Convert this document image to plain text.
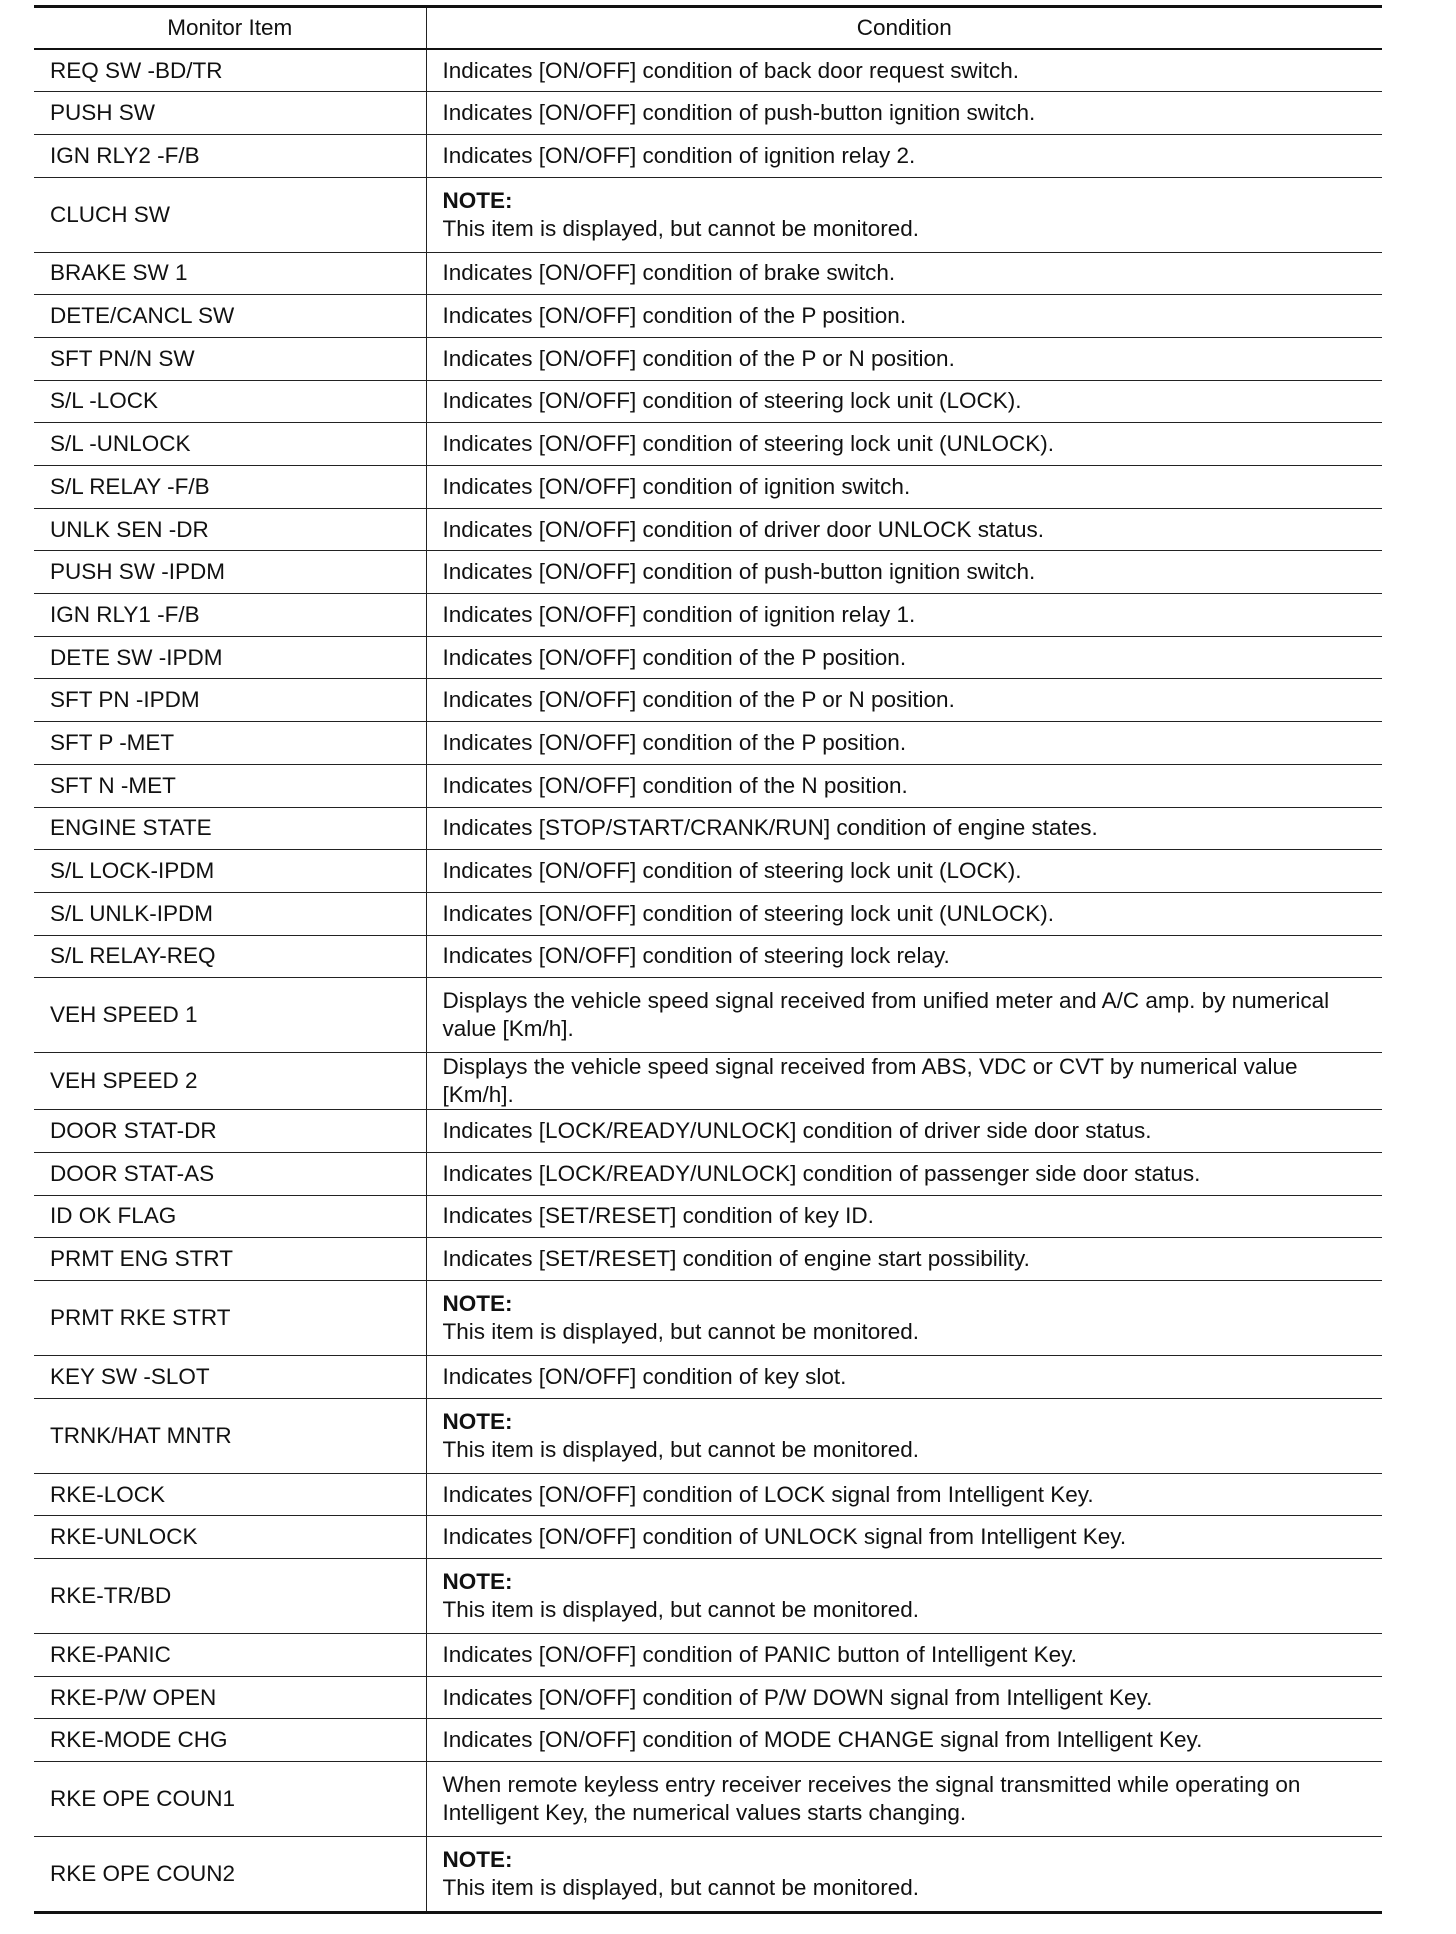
Monitor Item	Condition
REQ SW -BD/TR	Indicates [ON/OFF] condition of back door request switch.
PUSH SW	Indicates [ON/OFF] condition of push-button ignition switch.
IGN RLY2 -F/B	Indicates [ON/OFF] condition of ignition relay 2.
CLUCH SW	NOTE:
This item is displayed, but cannot be monitored.

BRAKE SW 1	Indicates [ON/OFF] condition of brake switch.
DETE/CANCL SW	Indicates [ON/OFF] condition of the P position.
SFT PN/N SW	Indicates [ON/OFF] condition of the P or N position.
S/L -LOCK	Indicates [ON/OFF] condition of steering lock unit (LOCK).
S/L -UNLOCK	Indicates [ON/OFF] condition of steering lock unit (UNLOCK).
S/L RELAY -F/B	Indicates [ON/OFF] condition of ignition switch.
UNLK SEN -DR	Indicates [ON/OFF] condition of driver door UNLOCK status.
PUSH SW -IPDM	Indicates [ON/OFF] condition of push-button ignition switch.
IGN RLY1 -F/B	Indicates [ON/OFF] condition of ignition relay 1.
DETE SW -IPDM	Indicates [ON/OFF] condition of the P position.
SFT PN -IPDM	Indicates [ON/OFF] condition of the P or N position.
SFT P -MET	Indicates [ON/OFF] condition of the P position.
SFT N -MET	Indicates [ON/OFF] condition of the N position.
ENGINE STATE	Indicates [STOP/START/CRANK/RUN] condition of engine states.
S/L LOCK-IPDM	Indicates [ON/OFF] condition of steering lock unit (LOCK).
S/L UNLK-IPDM	Indicates [ON/OFF] condition of steering lock unit (UNLOCK).
S/L RELAY-REQ	Indicates [ON/OFF] condition of steering lock relay.
VEH SPEED 1	Displays the vehicle speed signal received from unified meter and A/C amp. by numerical value [Km/h].
VEH SPEED 2	Displays the vehicle speed signal received from ABS, VDC or CVT by numerical value [Km/h].
DOOR STAT-DR	Indicates [LOCK/READY/UNLOCK] condition of driver side door status.
DOOR STAT-AS	Indicates [LOCK/READY/UNLOCK] condition of passenger side door status.
ID OK FLAG	Indicates [SET/RESET] condition of key ID.
PRMT ENG STRT	Indicates [SET/RESET] condition of engine start possibility.
PRMT RKE STRT	NOTE:
This item is displayed, but cannot be monitored.

KEY SW -SLOT	Indicates [ON/OFF] condition of key slot.
TRNK/HAT MNTR	NOTE:
This item is displayed, but cannot be monitored.

RKE-LOCK	Indicates [ON/OFF] condition of LOCK signal from Intelligent Key.
RKE-UNLOCK	Indicates [ON/OFF] condition of UNLOCK signal from Intelligent Key.
RKE-TR/BD	NOTE:
This item is displayed, but cannot be monitored.

RKE-PANIC	Indicates [ON/OFF] condition of PANIC button of Intelligent Key.
RKE-P/W OPEN	Indicates [ON/OFF] condition of P/W DOWN signal from Intelligent Key.
RKE-MODE CHG	Indicates [ON/OFF] condition of MODE CHANGE signal from Intelligent Key.
RKE OPE COUN1	When remote keyless entry receiver receives the signal transmitted while operating on Intelligent Key, the numerical values starts changing.
RKE OPE COUN2	NOTE:
This item is displayed, but cannot be monitored.
